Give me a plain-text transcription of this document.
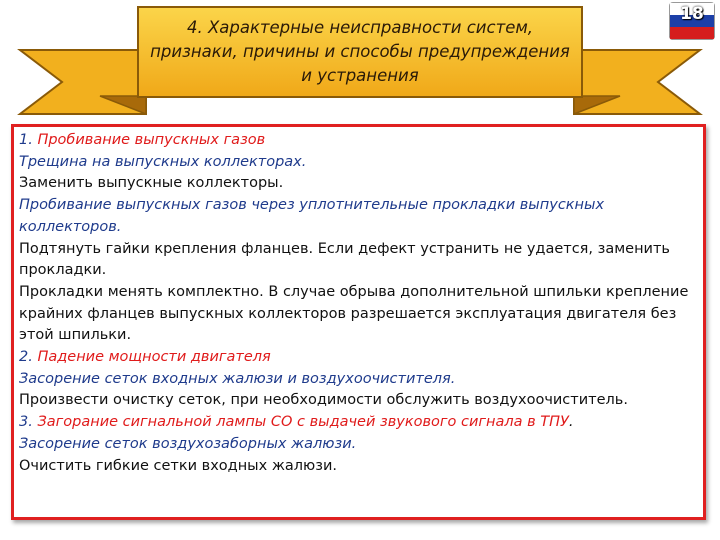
4. Характерные неисправности систем, признаки, причины и способы предупреждения и устранения
18

1. Пробивание выпускных газов

Трещина на выпускных коллекторах.

Заменить выпускные коллекторы.

Пробивание выпускных газов через уплотнительные прокладки выпускных коллекторов.

Подтянуть гайки крепления фланцев. Если дефект устранить не удается, заменить прокладки.

Прокладки менять комплектно. В случае обрыва дополнительной шпильки крепление крайних фланцев выпускных коллекторов разрешается эксплуатация двигателя без этой шпильки.

2. Падение мощности двигателя

Засорение сеток входных жалюзи и воздухоочистителя.

Произвести очистку сеток, при необходимости обслужить воздухоочиститель.

3. Загорание сигнальной лампы СО с выдачей звукового сигнала в ТПУ.

Засорение сеток воздухозаборных жалюзи.

Очистить гибкие сетки входных жалюзи.
